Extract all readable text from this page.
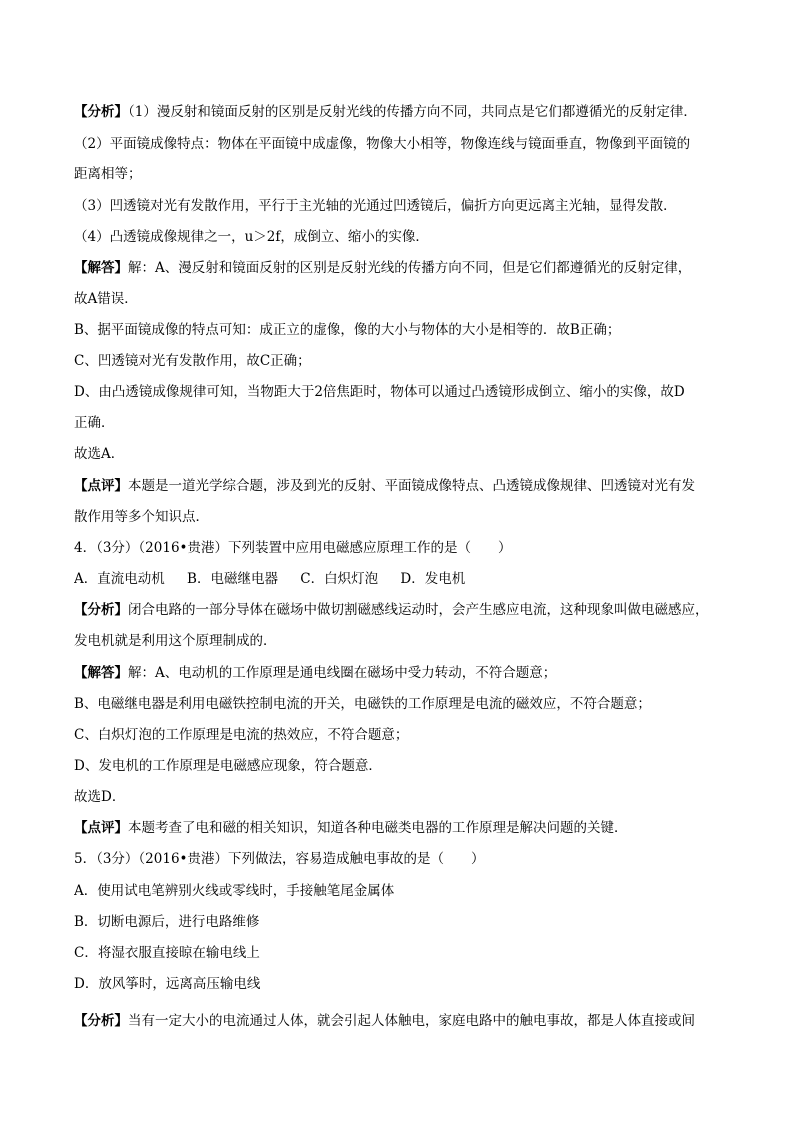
【分析】（1）漫反射和镜面反射的区别是反射光线的传播方向不同，共同点是它们都遵循光的反射定律．
（2）平面镜成像特点：物体在平面镜中成虚像，物像大小相等，物像连线与镜面垂直，物像到平面镜的
距离相等；
（3）凹透镜对光有发散作用，平行于主光轴的光通过凹透镜后，偏折方向更远离主光轴，显得发散．
（4）凸透镜成像规律之一，u＞2f，成倒立、缩小的实像．
【解答】解：A、漫反射和镜面反射的区别是反射光线的传播方向不同，但是它们都遵循光的反射定律，
故A错误．
B、据平面镜成像的特点可知：成正立的虚像，像的大小与物体的大小是相等的．故B正确；
C、凹透镜对光有发散作用，故C正确；
D、由凸透镜成像规律可知，当物距大于2倍焦距时，物体可以通过凸透镜形成倒立、缩小的实像，故D
正确．
故选A．
【点评】本题是一道光学综合题，涉及到光的反射、平面镜成像特点、凸透镜成像规律、凹透镜对光有发
散作用等多个知识点．
4．（3分）（2016•贵港）下列装置中应用电磁感应原理工作的是（　　）
A．直流电动机 B．电磁继电器 C．白炽灯泡 D．发电机
【分析】闭合电路的一部分导体在磁场中做切割磁感线运动时，会产生感应电流，这种现象叫做电磁感应，
发电机就是利用这个原理制成的．
【解答】解：A、电动机的工作原理是通电线圈在磁场中受力转动，不符合题意；
B、电磁继电器是利用电磁铁控制电流的开关，电磁铁的工作原理是电流的磁效应，不符合题意；
C、白炽灯泡的工作原理是电流的热效应，不符合题意；
D、发电机的工作原理是电磁感应现象，符合题意．
故选D．
【点评】本题考查了电和磁的相关知识，知道各种电磁类电器的工作原理是解决问题的关键．
5．（3分）（2016•贵港）下列做法，容易造成触电事故的是（　　）
A．使用试电笔辨别火线或零线时，手接触笔尾金属体
B．切断电源后，进行电路维修
C．将湿衣服直接晾在输电线上
D．放风筝时，远离高压输电线
【分析】当有一定大小的电流通过人体，就会引起人体触电，家庭电路中的触电事故，都是人体直接或间
